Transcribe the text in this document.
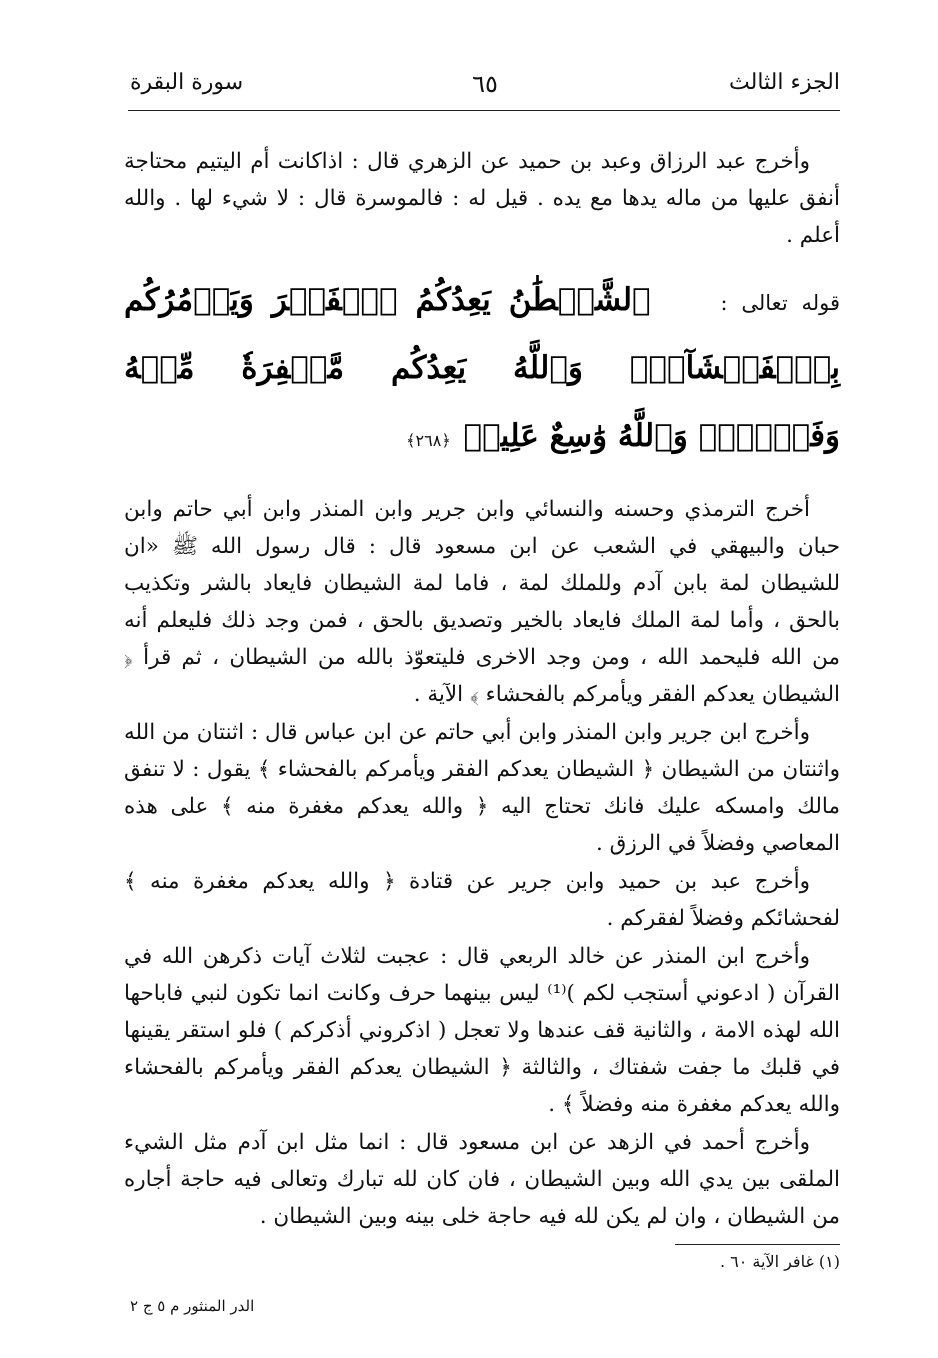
الجزء الثالث
٦٥
سورة البقرة

وأخرج عبد الرزاق وعبد بن حميد عن الزهري قال : اذاكانت أم اليتيم محتاجة أنفق عليها من ماله يدها مع يده . قيل له : فالموسرة قال : لا شيء لها . والله أعلم .

قوله تعالى :     ٱلشَّيۡطَٰنُ يَعِدُكُمُ ٱلۡفَقۡرَ وَيَأۡمُرُكُم بِٱلۡفَحۡشَآءِۖ وَٱللَّهُ يَعِدُكُم مَّغۡفِرَةٗ مِّنۡهُ وَفَضۡلٗاۗ وَٱللَّهُ وَٰسِعٌ عَلِيمٞ ﴿٢٦٨﴾

أخرج الترمذي وحسنه والنسائي وابن جرير وابن المنذر وابن أبي حاتم وابن حبان والبيهقي في الشعب عن ابن مسعود قال : قال رسول الله ﷺ «ان للشيطان لمة بابن آدم وللملك لمة ، فاما لمة الشيطان فايعاد بالشر وتكذيب بالحق ، وأما لمة الملك فايعاد بالخير وتصديق بالحق ، فمن وجد ذلك فليعلم أنه من الله فليحمد الله ، ومن وجد الاخرى فليتعوّذ بالله من الشيطان ، ثم قرأ ﴿ الشيطان يعدكم الفقر ويأمركم بالفحشاء ﴾ الآية .

وأخرج ابن جرير وابن المنذر وابن أبي حاتم عن ابن عباس قال : اثنتان من الله واثنتان من الشيطان ﴿ الشيطان يعدكم الفقر ويأمركم بالفحشاء ﴾ يقول : لا تنفق مالك وامسكه عليك فانك تحتاج اليه ﴿ والله يعدكم مغفرة منه ﴾ على هذه المعاصي وفضلاً في الرزق .

وأخرج عبد بن حميد وابن جرير عن قتادة ﴿ والله يعدكم مغفرة منه ﴾ لفحشائكم وفضلاً لفقركم .

وأخرج ابن المنذر عن خالد الربعي قال : عجبت لثلاث آيات ذكرهن الله في القرآن ( ادعوني أستجب لكم )⁽¹⁾ ليس بينهما حرف وكانت انما تكون لنبي فاباحها الله لهذه الامة ، والثانية قف عندها ولا تعجل ( اذكروني أذكركم ) فلو استقر يقينها في قلبك ما جفت شفتاك ، والثالثة ﴿ الشيطان يعدكم الفقر ويأمركم بالفحشاء والله يعدكم مغفرة منه وفضلاً ﴾ .

وأخرج أحمد في الزهد عن ابن مسعود قال : انما مثل ابن آدم مثل الشيء الملقى بين يدي الله وبين الشيطان ، فان كان لله تبارك وتعالى فيه حاجة أجاره من الشيطان ، وان لم يكن لله فيه حاجة خلى بينه وبين الشيطان .

(١) غافر الآية ٦٠ .
الدر المنثور م ٥ ج ٢
